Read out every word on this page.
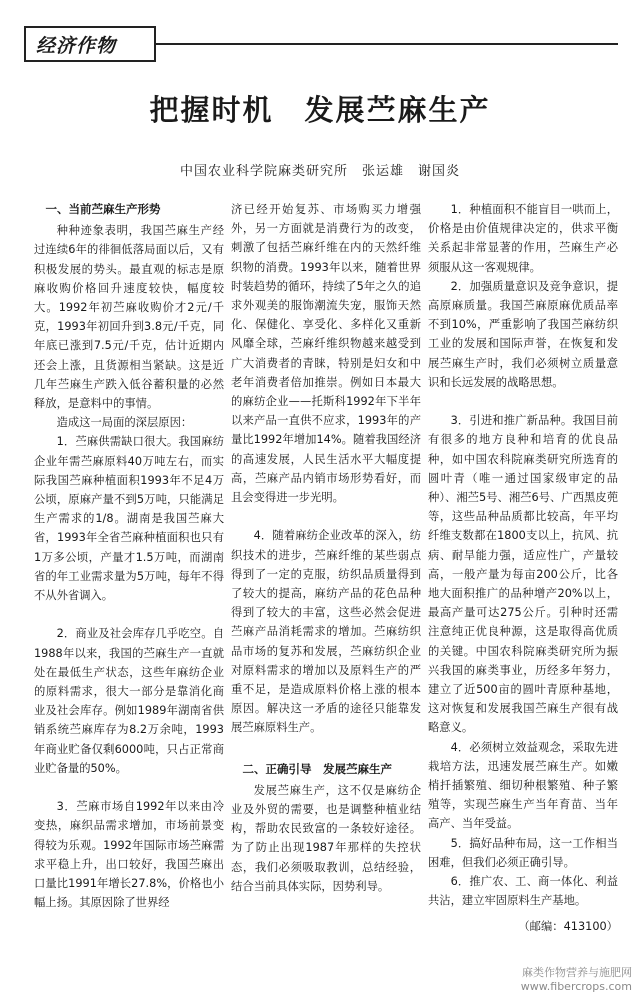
经济作物
把握时机　发展苎麻生产
中国农业科学院麻类研究所　张运雄　谢国炎
一、当前苎麻生产形势

种种迹象表明，我国苎麻生产经过连续6年的徘徊低落局面以后，又有积极发展的势头。最直观的标志是原麻收购价格回升速度较快，幅度较大。1992年初苎麻收购价才2元/千克，1993年初回升到3.8元/千克，同年底已涨到7.5元/千克，估计近期内还会上涨，且货源相当紧缺。这是近几年苎麻生产跌入低谷蓄积量的必然释放，是意料中的事情。

造成这一局面的深层原因：

1．苎麻供需缺口很大。我国麻纺企业年需苎麻原料40万吨左右，而实际我国苎麻种植面积1993年不足4万公顷，原麻产量不到5万吨，只能满足生产需求的1/8。湖南是我国苎麻大省，1993年全省苎麻种植面积也只有1万多公顷，产量才1.5万吨，而湖南省的年工业需求量为5万吨，每年不得不从外省调入。

2．商业及社会库存几乎吃空。自1988年以来，我国的苎麻生产一直就处在最低生产状态，这些年麻纺企业的原料需求，很大一部分是靠消化商业及社会库存。例如1989年湖南省供销系统苎麻库存为8.2万余吨，1993年商业贮备仅剩6000吨，只占正常商业贮备量的50%。

3．苎麻市场自1992年以来由冷变热，麻织品需求增加，市场前景变得较为乐观。1992年国际市场苎麻需求平稳上升，出口较好，我国苎麻出口量比1991年增长27.8%，价格也小幅上扬。其原因除了世界经

济已经开始复苏、市场购买力增强外，另一方面就是消费行为的改变，刺激了包括苎麻纤维在内的天然纤维织物的消费。1993年以来，随着世界时装趋势的循环，持续了5年之久的追求外观美的服饰潮流失宠，服饰天然化、保健化、享受化、多样化又重新风靡全球，苎麻纤维织物越来越受到广大消费者的青睐，特别是妇女和中老年消费者倍加推崇。例如日本最大的麻纺企业——托斯科1992年下半年以来产品一直供不应求，1993年的产量比1992年增加14%。随着我国经济的高速发展，人民生活水平大幅度提高，苎麻产品内销市场形势看好，而且会变得进一步光明。

4．随着麻纺企业改革的深入，纺织技术的进步，苎麻纤维的某些弱点得到了一定的克服，纺织品质量得到了较大的提高，麻纺产品的花色品种得到了较大的丰富，这些必然会促进苎麻产品消耗需求的增加。苎麻纺织品市场的复苏和发展，苎麻纺织企业对原料需求的增加以及原料生产的严重不足，是造成原料价格上涨的根本原因。解决这一矛盾的途径只能靠发展苎麻原料生产。

二、正确引导　发展苎麻生产

发展苎麻生产，这不仅是麻纺企业及外贸的需要，也是调整种植业结构，帮助农民致富的一条较好途径。为了防止出现1987年那样的失控状态，我们必须吸取教训，总结经验，结合当前具体实际，因势利导。

1．种植面积不能盲目一哄而上，价格是由价值规律决定的，供求平衡关系起非常显著的作用，苎麻生产必须服从这一客观规律。

2．加强质量意识及竞争意识，提高原麻质量。我国苎麻原麻优质品率不到10%，严重影响了我国苎麻纺织工业的发展和国际声誉，在恢复和发展苎麻生产时，我们必须树立质量意识和长远发展的战略思想。

3．引进和推广新品种。我国目前有很多的地方良种和培育的优良品种，如中国农科院麻类研究所选育的圆叶青（唯一通过国家级审定的品种）、湘苎5号、湘苎6号、广西黑皮蔸等，这些品种品质都比较高，年平均纤维支数都在1800支以上，抗风、抗病、耐旱能力强，适应性广，产量较高，一般产量为每亩200公斤，比各地大面积推广的品种增产20%以上，最高产量可达275公斤。引种时还需注意纯正优良种源，这是取得高优质的关键。中国农科院麻类研究所为振兴我国的麻类事业，历经多年努力，建立了近500亩的圆叶青原种基地，这对恢复和发展我国苎麻生产很有战略意义。

4．必须树立效益观念，采取先进栽培方法，迅速发展苎麻生产。如嫩梢扦插繁殖、细切种根繁殖、种子繁殖等，实现苎麻生产当年育苗、当年高产、当年受益。

5．搞好品种布局，这一工作相当困难，但我们必须正确引导。

6．推广农、工、商一体化、利益共沾，建立牢固原料生产基地。

（邮编：413100）

麻类作物营养与施肥网
www.fibercrops.com
